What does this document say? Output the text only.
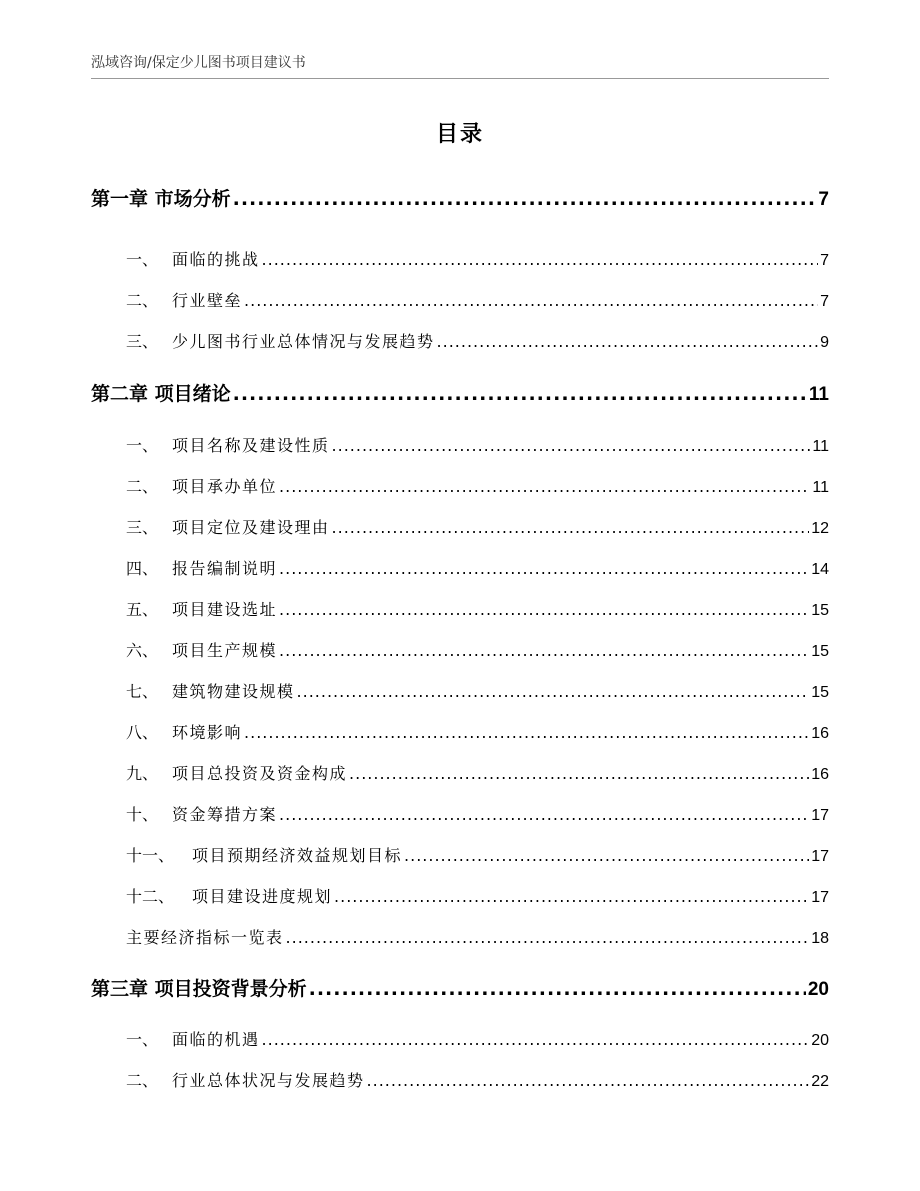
泓域咨询/保定少儿图书项目建议书
目录
第一章 市场分析 .....	7
一、 面临的挑战 .....	7
二、 行业壁垒 .....	7
三、 少儿图书行业总体情况与发展趋势 .....	9
第二章 项目绪论 .....	11
一、 项目名称及建设性质 .....	11
二、 项目承办单位 .....	11
三、 项目定位及建设理由 .....	12
四、 报告编制说明 .....	14
五、 项目建设选址 .....	15
六、 项目生产规模 .....	15
七、 建筑物建设规模 .....	15
八、 环境影响 .....	16
九、 项目总投资及资金构成 .....	16
十、 资金筹措方案 .....	17
十一、	项目预期经济效益规划目标 .....	17
十二、	项目建设进度规划 .....	17
主要经济指标一览表 .....	18
第三章 项目投资背景分析 .....	20
一、 面临的机遇 .....	20
二、 行业总体状况与发展趋势 .....	22
